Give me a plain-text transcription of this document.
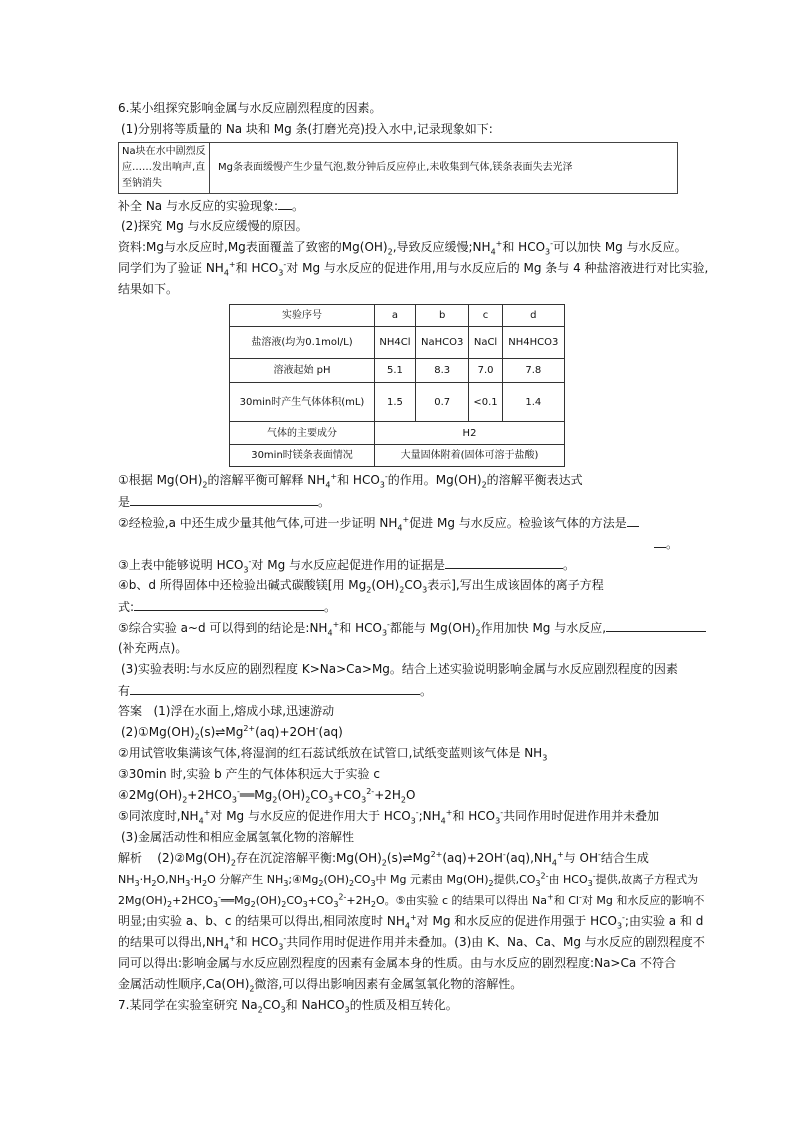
6.某小组探究影响金属与水反应剧烈程度的因素。
(1)分别将等质量的 Na 块和 Mg 条(打磨光亮)投入水中,记录现象如下:
Na块在水中剧烈反应……发出响声,直至钠消失	Mg条表面缓慢产生少量气泡,数分钟后反应停止,未收集到气体,镁条表面失去光泽
补全 Na 与水反应的实验现象: 。
(2)探究 Mg 与水反应缓慢的原因。
资料:Mg与水反应时,Mg表面覆盖了致密的$Mg(OH)_2$,导致反应缓慢$;NH_4^+$和 $HCO_3^-$可以加快 Mg 与水反应。
同学们为了验证 $NH_4^+$和 $HCO_3^-$对 Mg 与水反应的促进作用,用与水反应后的 Mg 条与 4 种盐溶液进行对比实验,
结果如下。
实验序号	a	b	c	d
盐溶液(均为0.1mol/L)	NH4Cl	NaHCO3	NaCl	NH4HCO3
溶液起始 pH	5.1	8.3	7.0	7.8
30min时产生气体体积(mL)	1.5	0.7	<0.1	1.4
气体的主要成分	H2			
30min时镁条表面情况	大量固体附着(固体可溶于盐酸)			
①根据 $Mg(OH)_2$的溶解平衡可解释 $NH_4^+$和 $HCO_3^-$的作用。$Mg(OH)_2$的溶解平衡表达式
是	。
②经检验,a 中还生成少量其他气体,可进一步证明 $NH_4^+$促进 Mg 与水反应。检验该气体的方法是
。
③上表中能够说明 $HCO_3^-$对 Mg 与水反应起促进作用的证据是	。
④b、d 所得固体中还检验出碱式碳酸镁[用 $Mg_2(OH)_2CO_3$表示],写出生成该固体的离子方程
式:	。
⑤综合实验 a~d 可以得到的结论是$:NH_4^+$和 $HCO_3^-$都能与 $Mg(OH)_2$作用加快 Mg 与水反应,
(补充两点)。
(3)实验表明:与水反应的剧烈程度 K>Na>Ca>Mg。结合上述实验说明影响金属与水反应剧烈程度的因素
有	。
答案 (1)浮在水面上,熔成小球,迅速游动
$(2)①Mg(OH)_2(s)\rightleftharpoons Mg^{2+}(aq)+2OH^-(aq)$
②用试管收集满该气体,将湿润的红石蕊试纸放在试管口,试纸变蓝则该气体是 $NH_3$
③30min 时,实验 b 产生的气体体积远大于实验 c
$④2Mg(OH)_2+2HCO_3^-══Mg_2(OH)_2CO_3+CO_3^{2-}+2H_2O$
⑤同浓度时$,NH_4^+$对 Mg 与水反应的促进作用大于 $HCO_3^-;NH_4^+$和 $HCO_3^-$共同作用时促进作用并未叠加
(3)金属活动性和相应金属氢氧化物的溶解性
解析 $(2)②Mg(OH)_2$存在沉淀溶解平衡$:Mg(OH)_2(s)\rightleftharpoons Mg^{2+}(aq)+2OH^-(aq),NH_4^+$与 OH-结合生成
$NH_3\cdot H_2O,NH_3\cdot H_2O$ 分解产生 $NH_3;④Mg_2(OH)_2CO_3$中 Mg 元素由 $Mg(OH)_2$提供$,CO_3^{2-}$由 $HCO_3^-$提供,故离子方程式为
$2Mg(OH)_2+2HCO_3^-══Mg_2(OH)_2CO_3+CO_3^{2-}+2H_2O$。⑤由实验 c 的结果可以得出 Na+和 Cl-对 Mg 和水反应的影响不
明显;由实验 a、b、c 的结果可以得出,相同浓度时 $NH_4^+$对 Mg 和水反应的促进作用强于 $HCO_3^-$;由实验 a 和 d
的结果可以得出$,NH_4^+$和 $HCO_3^-$共同作用时促进作用并未叠加。(3)由 K、Na、Ca、Mg 与水反应的剧烈程度不
同可以得出:影响金属与水反应剧烈程度的因素有金属本身的性质。由与水反应的剧烈程度:Na>Ca 不符合
金属活动性顺序$,Ca(OH)_2$微溶,可以得出影响因素有金属氢氧化物的溶解性。
7.某同学在实验室研究 $Na_2CO_3$和 NaHCO$_3$的性质及相互转化。
